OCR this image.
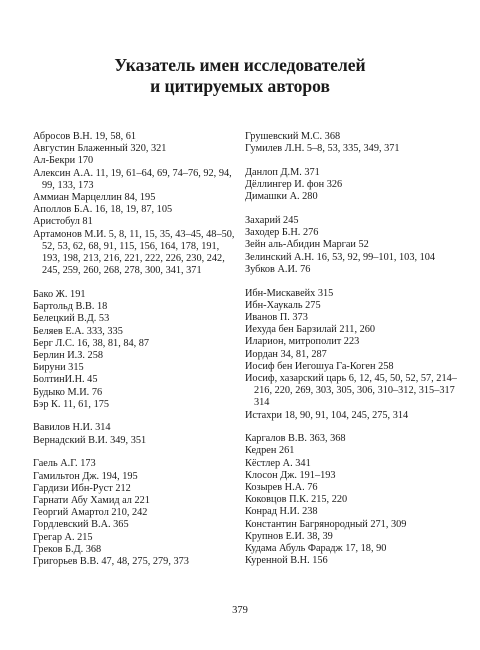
Указатель имен исследователей
и цитируемых авторов
Абросов В.Н. 19, 58, 61
Августин Блаженный 320, 321
Ал-Бекри 170
Алексин А.А. 11, 19, 61–64, 69, 74–76, 92, 94, 99, 133, 173
Аммиан Марцеллин 84, 195
Аполлов Б.А. 16, 18, 19, 87, 105
Аристобул 81
Артамонов М.И. 5, 8, 11, 15, 35, 43–45, 48–50, 52, 53, 62, 68, 91, 115, 156, 164, 178, 191, 193, 198, 213, 216, 221, 222, 226, 230, 242, 245, 259, 260, 268, 278, 300, 341, 371
Бако Ж. 191
Бартольд В.В. 18
Белецкий В.Д. 53
Беляев Е.А. 333, 335
Берг Л.С. 16, 38, 81, 84, 87
Берлин И.З. 258
Бируни 315
БолтинИ.Н. 45
Будыко М.И. 76
Бэр К. 11, 61, 175
Вавилов Н.И. 314
Вернадский В.И. 349, 351
Гаель А.Г. 173
Гамильтон Дж. 194, 195
Гардизи Ибн-Руст 212
Гарнати Абу Хамид ал 221
Георгий Амартол 210, 242
Гордлевский В.А. 365
Грегар А. 215
Греков Б.Д. 368
Григорьев В.В. 47, 48, 275, 279, 373
Грушевский М.С. 368
Гумилев Л.Н. 5–8, 53, 335, 349, 371
Данлоп Д.М. 371
Дёллингер И. фон 326
Димашки А. 280
Захарий 245
Заходер Б.Н. 276
Зейн аль-Абидин Маргаи 52
Зелинский А.Н. 16, 53, 92, 99–101, 103, 104
Зубков А.И. 76
Ибн-Мискавейх 315
Ибн-Хаукаль 275
Иванов П. 373
Иехуда бен Барзилай 211, 260
Иларион, митрополит 223
Иордан 34, 81, 287
Иосиф бен Иегошуа Га-Коген 258
Иосиф, хазарский царь 6, 12, 45, 50, 52, 57, 214–216, 220, 269, 303, 305, 306, 310–312, 315–317 314
Истахри 18, 90, 91, 104, 245, 275, 314
Каргалов В.В. 363, 368
Кедрен 261
Кёстлер А. 341
Клосон Дж. 191–193
Козырев Н.А. 76
Коковцов П.К. 215, 220
Конрад Н.И. 238
Константин Багрянородный 271, 309
Крупнов Е.И. 38, 39
Кудама Абуль Фарадж 17, 18, 90
Куренной В.Н. 156
379
